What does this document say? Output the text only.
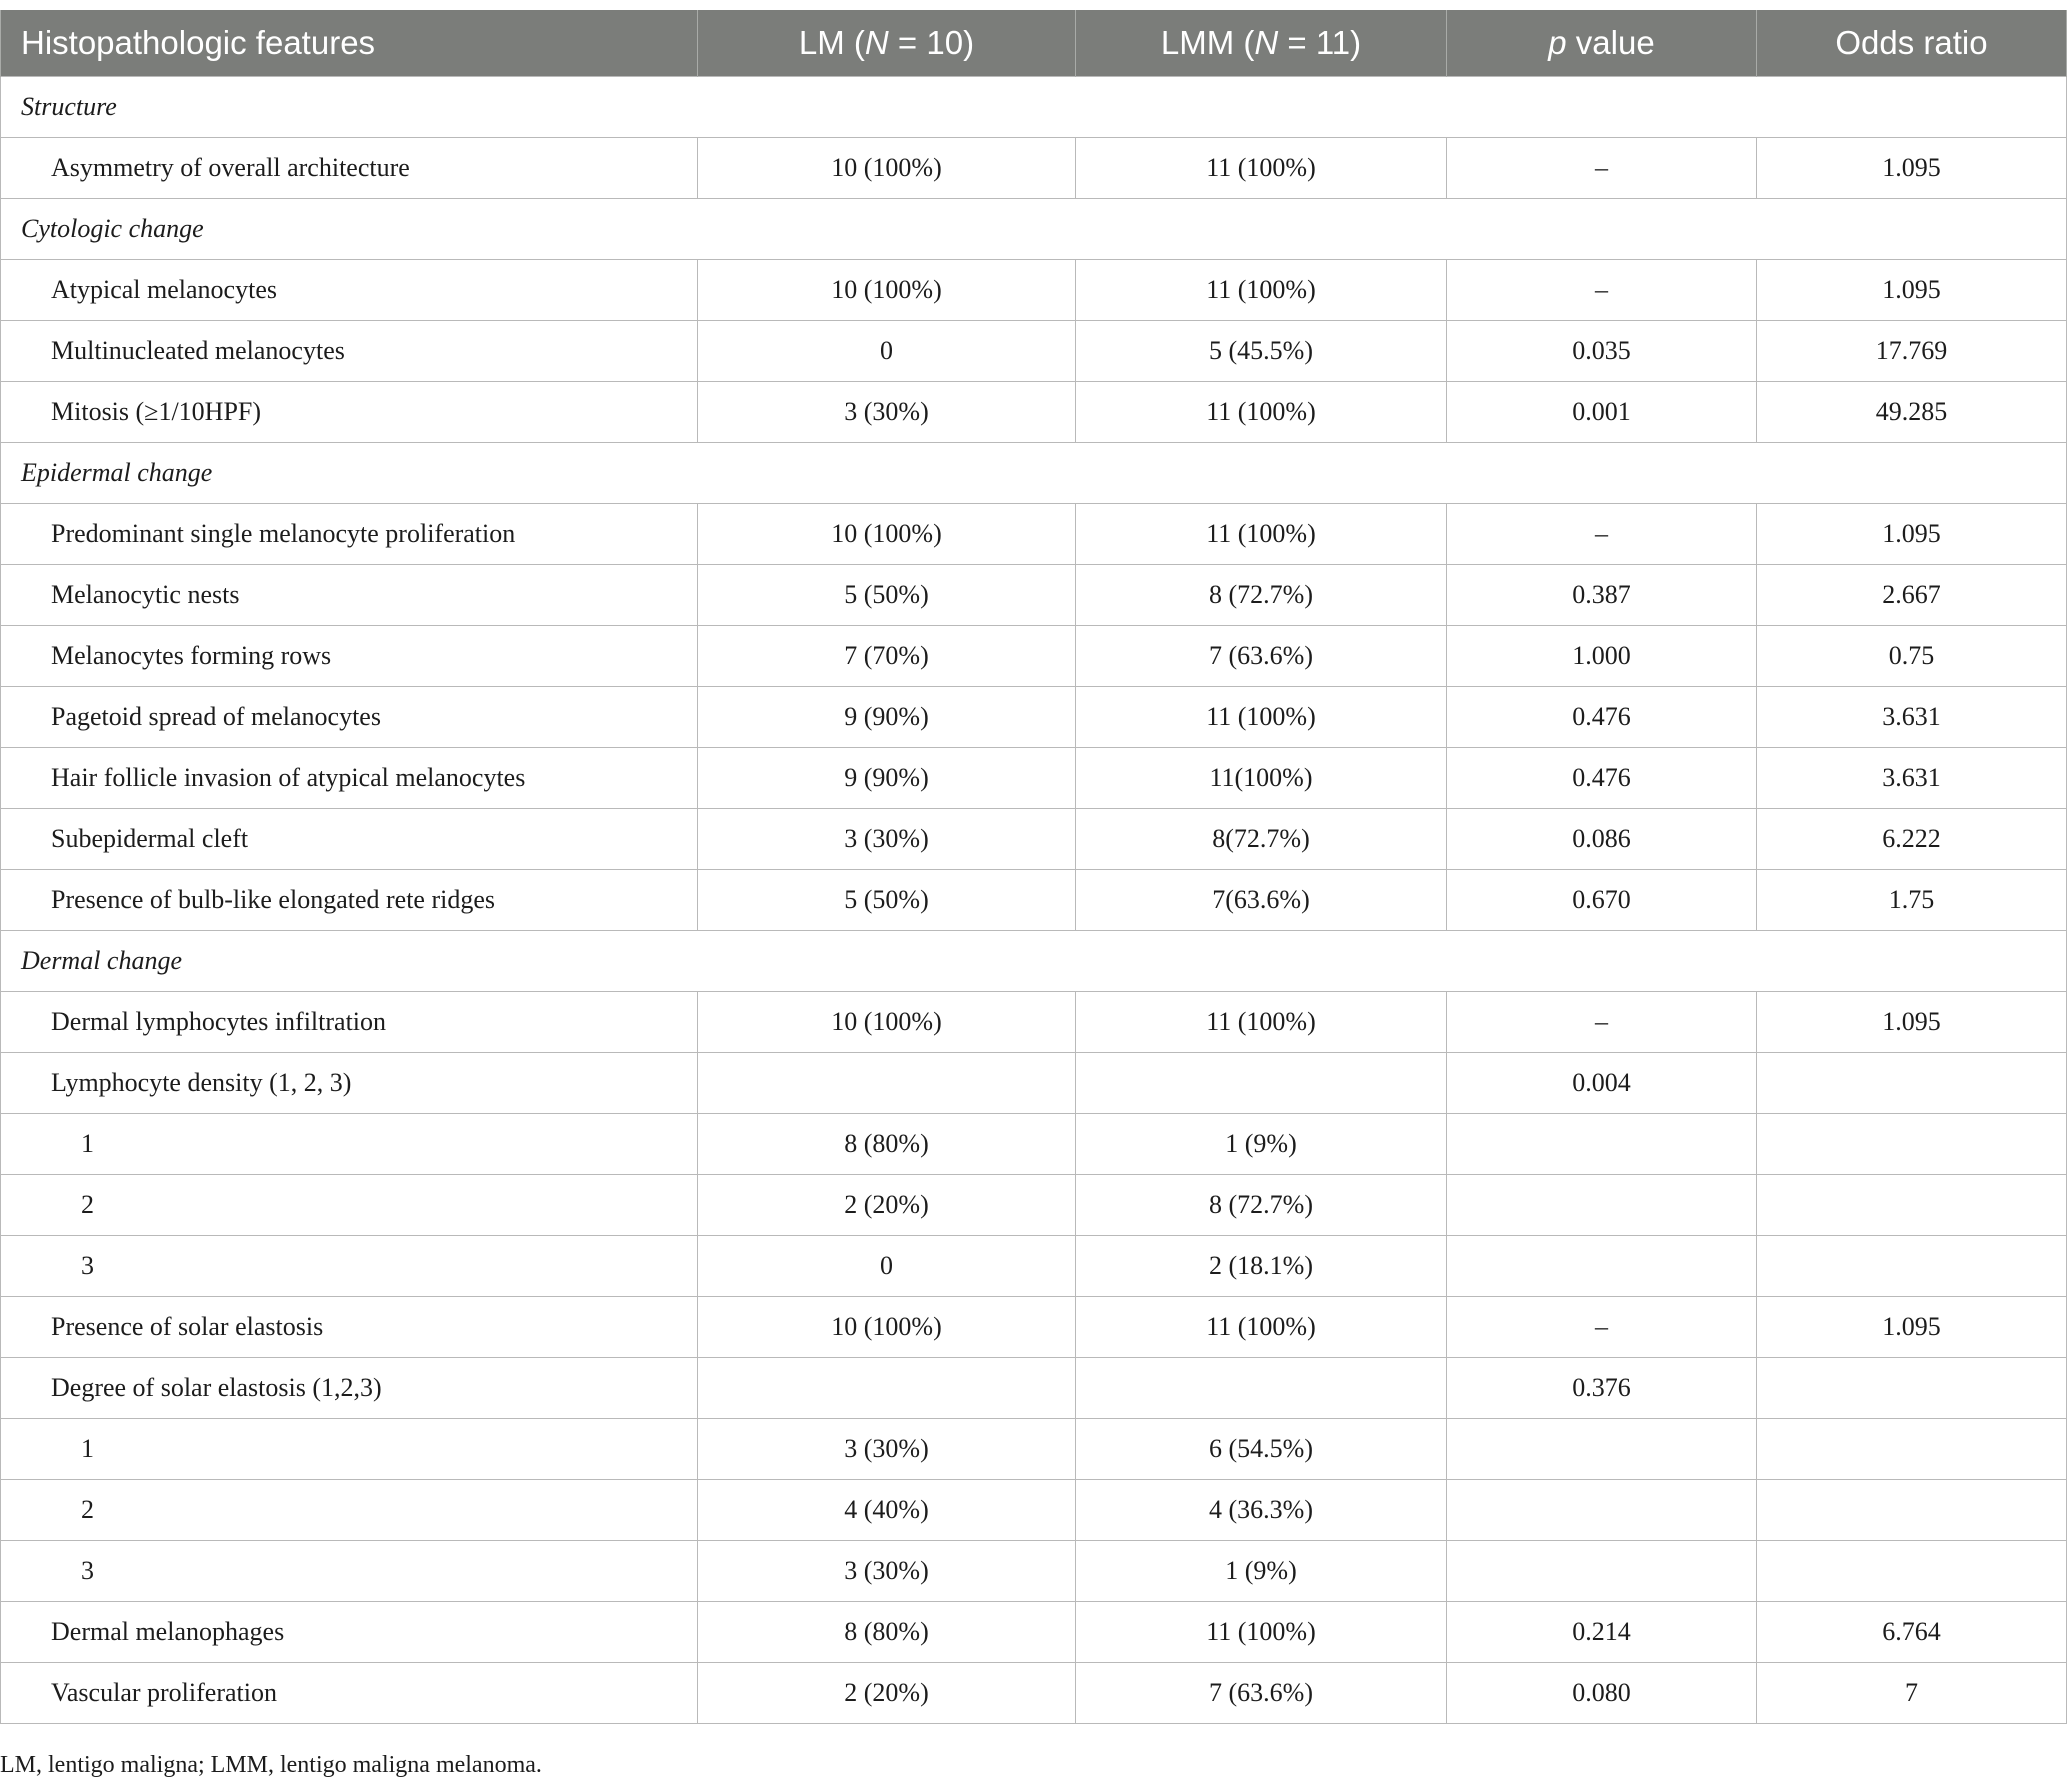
Histopathologic features	LM (N = 10)	LMM (N = 11)	p value	Odds ratio
Structure				
Asymmetry of overall architecture	10 (100%)	11 (100%)	–	1.095
Cytologic change				
Atypical melanocytes	10 (100%)	11 (100%)	–	1.095
Multinucleated melanocytes	0	5 (45.5%)	0.035	17.769
Mitosis (≥1/10HPF)	3 (30%)	11 (100%)	0.001	49.285
Epidermal change				
Predominant single melanocyte proliferation	10 (100%)	11 (100%)	–	1.095
Melanocytic nests	5 (50%)	8 (72.7%)	0.387	2.667
Melanocytes forming rows	7 (70%)	7 (63.6%)	1.000	0.75
Pagetoid spread of melanocytes	9 (90%)	11 (100%)	0.476	3.631
Hair follicle invasion of atypical melanocytes	9 (90%)	11(100%)	0.476	3.631
Subepidermal cleft	3 (30%)	8(72.7%)	0.086	6.222
Presence of bulb-like elongated rete ridges	5 (50%)	7(63.6%)	0.670	1.75
Dermal change				
Dermal lymphocytes infiltration	10 (100%)	11 (100%)	–	1.095
Lymphocyte density (1, 2, 3)			0.004	
1	8 (80%)	1 (9%)		
2	2 (20%)	8 (72.7%)		
3	0	2 (18.1%)		
Presence of solar elastosis	10 (100%)	11 (100%)	–	1.095
Degree of solar elastosis (1,2,3)			0.376	
1	3 (30%)	6 (54.5%)		
2	4 (40%)	4 (36.3%)		
3	3 (30%)	1 (9%)		
Dermal melanophages	8 (80%)	11 (100%)	0.214	6.764
Vascular proliferation	2 (20%)	7 (63.6%)	0.080	7
LM, lentigo maligna; LMM, lentigo maligna melanoma.
